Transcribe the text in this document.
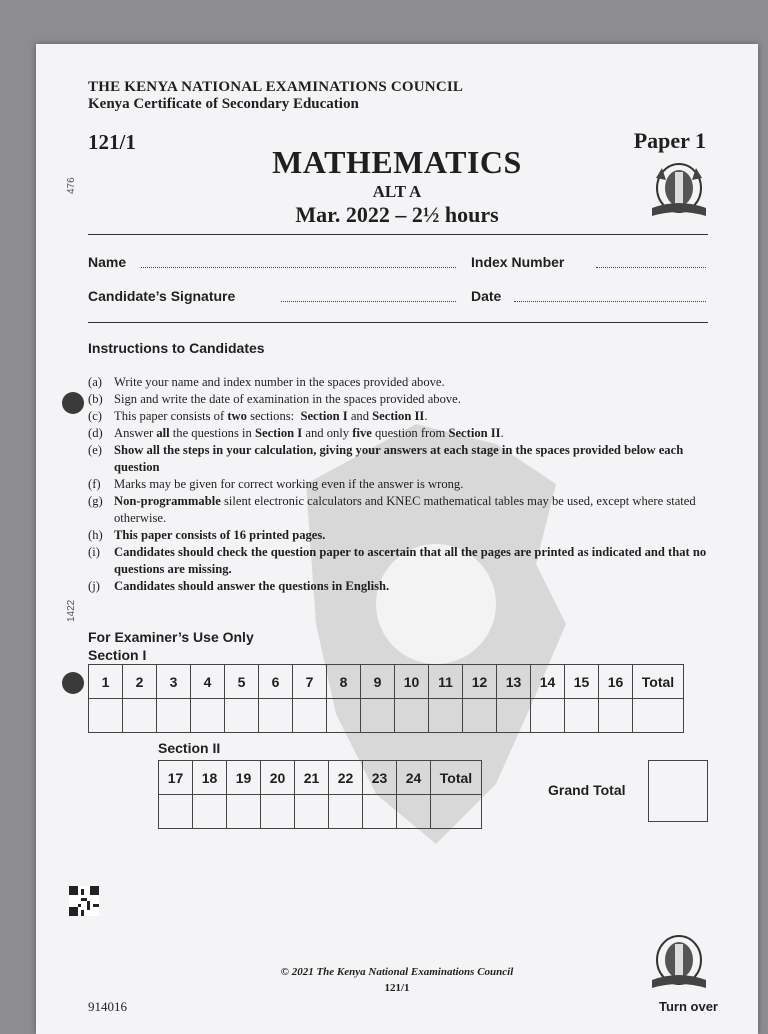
THE KENYA NATIONAL EXAMINATIONS COUNCIL
Kenya Certificate of Secondary Education
121/1	Paper 1
MATHEMATICS
ALT A
Mar. 2022 – 2½ hours
Name	Index Number
Candidate’s Signature	Date
Instructions to Candidates
(a) Write your name and index number in the spaces provided above.
(b) Sign and write the date of examination in the spaces provided above.
(c) This paper consists of two sections:  Section I and Section II.
(d) Answer all the questions in Section I and only five question from Section II.
(e) Show all the steps in your calculation, giving your answers at each stage in the spaces provided below each question
(f)	Marks may be given for correct working even if the answer is wrong.
(g) Non-programmable silent electronic calculators and KNEC mathematical tables may be used, except where stated otherwise.
(h) This paper consists of 16 printed pages.
(i)	Candidates should check the question paper to ascertain that all the pages are printed as indicated and that no questions are missing.
(j)	Candidates should answer the questions in English.
For Examiner’s Use Only
Section I
1	2	3	4	5	6	7	8	9	10	11	12	13	14	15	16	Total

Section II
17	18	19	20	21	22	23	24	Total

Grand Total
© 2021 The Kenya National Examinations Council
121/1
914016	Turn over
476
1422
